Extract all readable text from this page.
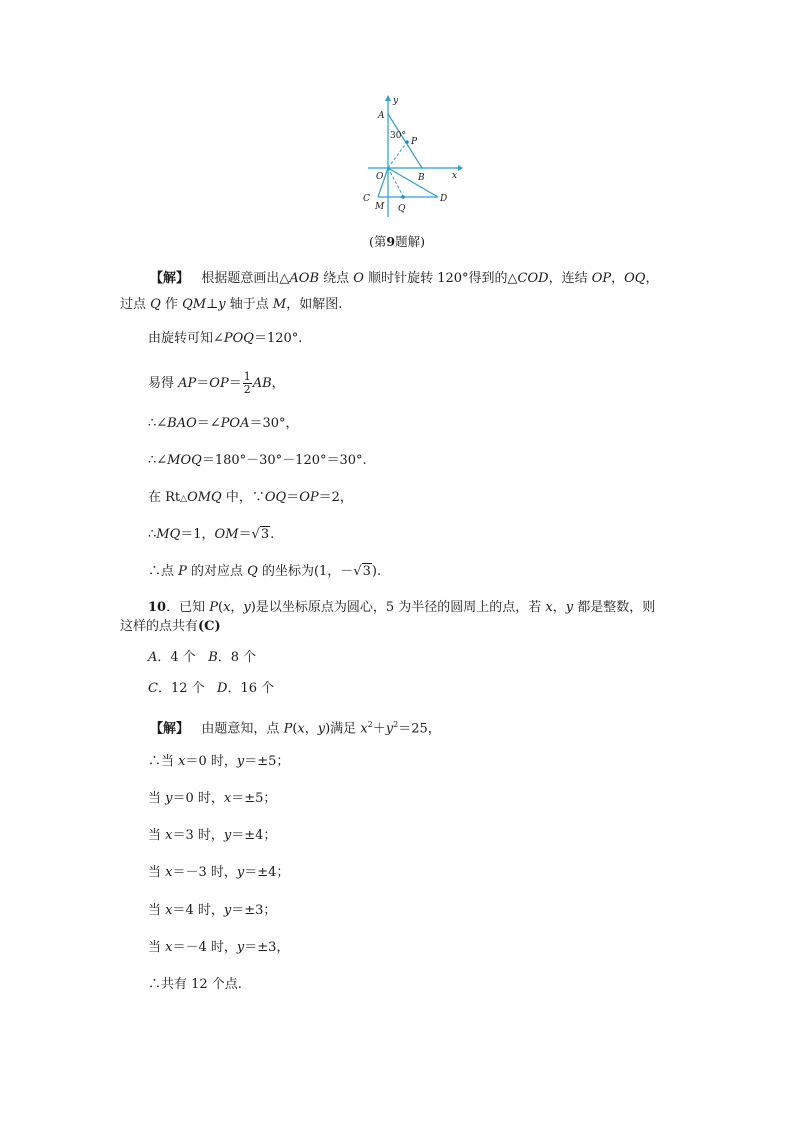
y
A
30°
P
O	B	x
C
M Q
D
(第9题解)
【解】 根据题意画出△AOB 绕点 O 顺时针旋转 120°得到的△COD，连结 OP，OQ，
过点 Q 作 QM⊥y 轴于点 M，如解图.
由旋转可知∠POQ＝120°.
易得 $AP=OP= \frac{1}{2}$ AB，
∴∠BAO＝∠POA＝30°，
∴∠MOQ＝180°－30°－120°＝30°.
在 Rt△OMQ 中，∵OQ＝OP＝2，
∴MQ＝1，OM＝√3.
∴点 P 的对应点 Q 的坐标为(1，－√3).
10．已知 P(x，y)是以坐标原点为圆心，5 为半径的圆周上的点，若 x，y 都是整数，则
这样的点共有(C)
A．4 个 B．8 个
C．12 个 D．16 个
【解】 由题意知，点 P(x，y)满足 $x^2+y^2=25$，
∴当 x＝0 时，y＝±5；
当 y＝0 时，x＝±5；
当 x＝3 时，y＝±4；
当 x＝－3 时，y＝±4；
当 x＝4 时，y＝±3；
当 x＝－4 时，y＝±3，
∴共有 12 个点.
